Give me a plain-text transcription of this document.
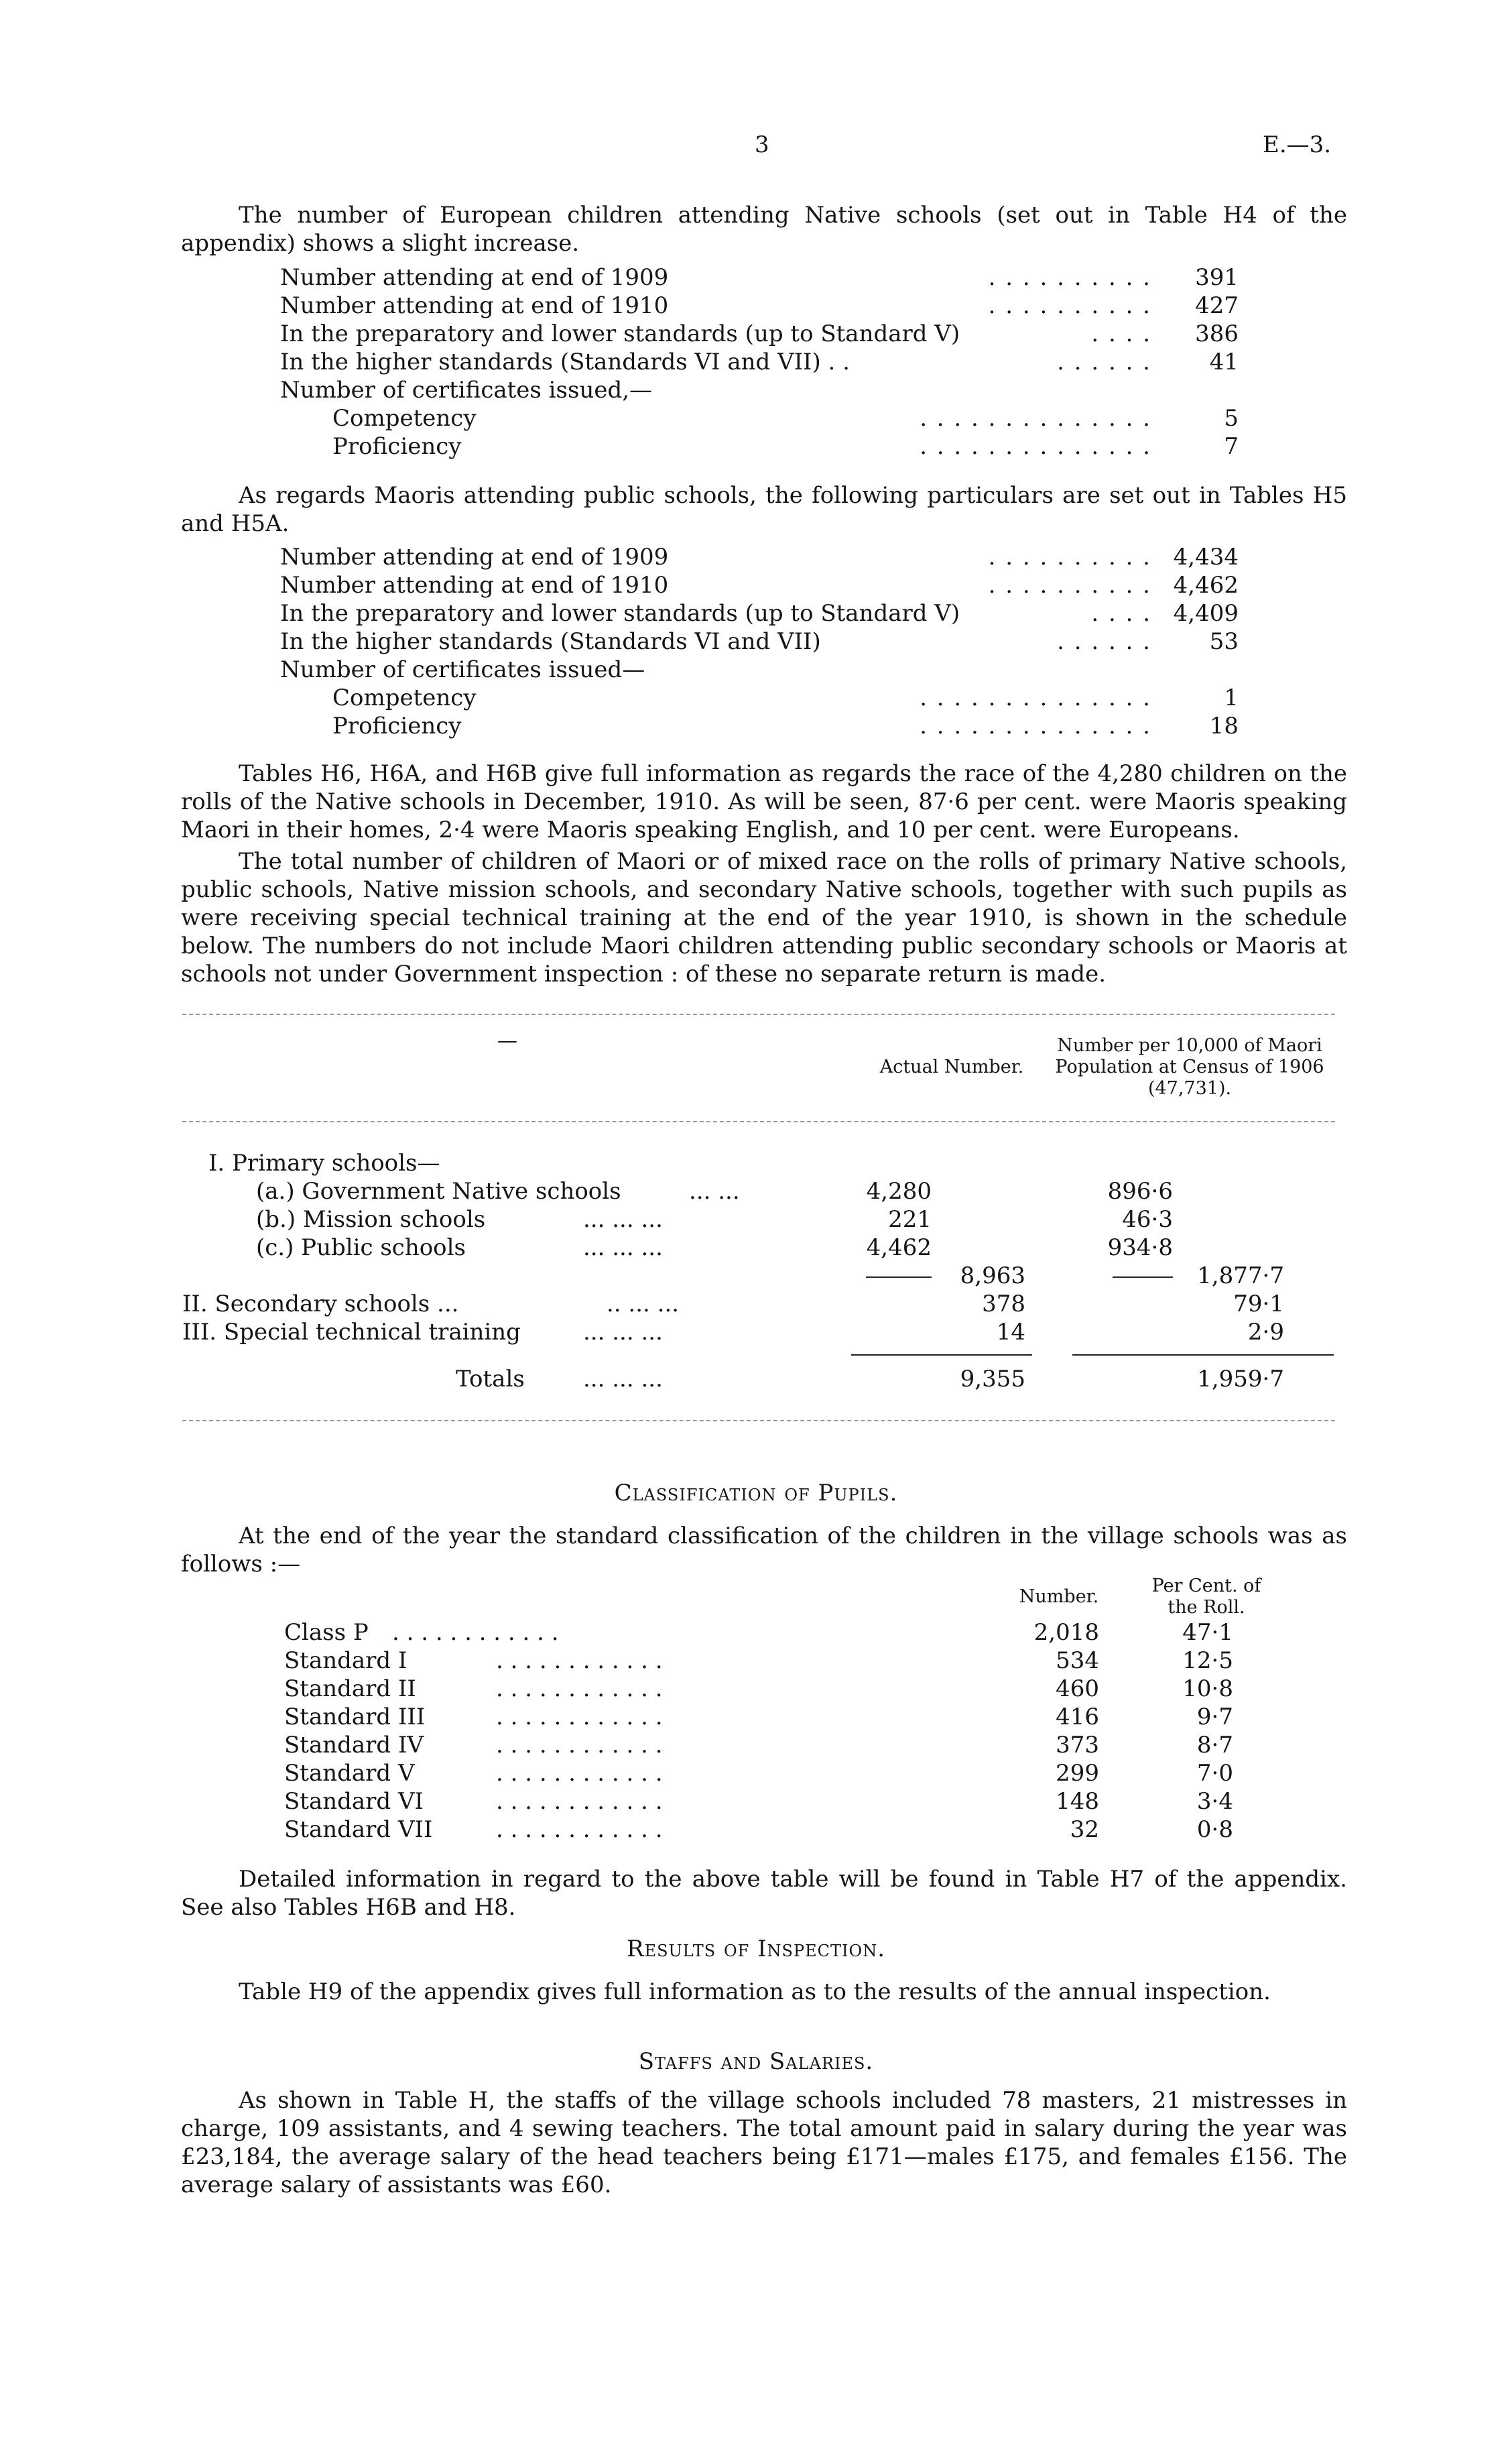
3	E.—3.

The number of European children attending Native schools (set out in Table H4 of the appendix) shows a slight increase.

Number attending at end of 1909	. . . . . . . . . . 391
Number attending at end of 1910	. . . . . . . . . . 427
In the preparatory and lower standards (up to Standard V)	. . . . 386
In the higher standards (Standards VI and VII) . .	. . . . . .	41
Number of certificates issued,—
Competency	. . . . . . . . . . . . . .	5
Proficiency	. . . . . . . . . . . . . .	7

As regards Maoris attending public schools, the following particulars are set out in Tables H5 and H5A.

Number attending at end of 1909	. . . . . . . . . . 4,434
Number attending at end of 1910	. . . . . . . . . . 4,462
In the preparatory and lower standards (up to Standard V)	. . . . 4,409
In the higher standards (Standards VI and VII)	. . . . . .	53
Number of certificates issued—
Competency	. . . . . . . . . . . . . .	1
Proficiency	. . . . . . . . . . . . . .	18

Tables H6, H6A, and H6B give full information as regards the race of the 4,280 children on the rolls of the Native schools in December, 1910. As will be seen, 87·6 per cent. were Maoris speaking Maori in their homes, 2·4 were Maoris speaking English, and 10 per cent. were Europeans.

The total number of children of Maori or of mixed race on the rolls of primary Native schools, public schools, Native mission schools, and secondary Native schools, together with such pupils as were receiving special technical training at the end of the year 1910, is shown in the schedule below. The numbers do not include Maori children attending public secondary schools or Maoris at schools not under Government inspection : of these no separate return is made.

—
Actual Number.
Number per 10,000 of Maori Population at Census of 1906 (47,731).
I. Primary schools—
(a.) Government Native schools	... ...	4,280	896·6
(b.) Mission schools	... ... ...	221	46·3
(c.) Public schools	... ... ...	4,462	934·8
8,963	1,877·7
II. Secondary schools ...	.. ... ...	378	79·1
III. Special technical training	... ... ...	14	2·9
Totals	... ... ...	9,355	1,959·7
Classification of Pupils.

At the end of the year the standard classification of the children in the village schools was as follows :—

Number.
Per Cent. of the Roll.
Class P . . . . . . . . . . . .	2,018	47·1
Standard I	. . . . . . . . . . . .	534	12·5
Standard II	. . . . . . . . . . . .	460	10·8
Standard III	. . . . . . . . . . . .	416	9·7
Standard IV	. . . . . . . . . . . .	373	8·7
Standard V	. . . . . . . . . . . .	299	7·0
Standard VI	. . . . . . . . . . . .	148	3·4
Standard VII	. . . . . . . . . . . .	32	0·8

Detailed information in regard to the above table will be found in Table H7 of the appendix. See also Tables H6B and H8.

Results of Inspection.

Table H9 of the appendix gives full information as to the results of the annual inspection.

Staffs and Salaries.

As shown in Table H, the staffs of the village schools included 78 masters, 21 mistresses in charge, 109 assistants, and 4 sewing teachers. The total amount paid in salary during the year was £23,184, the average salary of the head teachers being £171—males £175, and females £156. The average salary of assistants was £60.
